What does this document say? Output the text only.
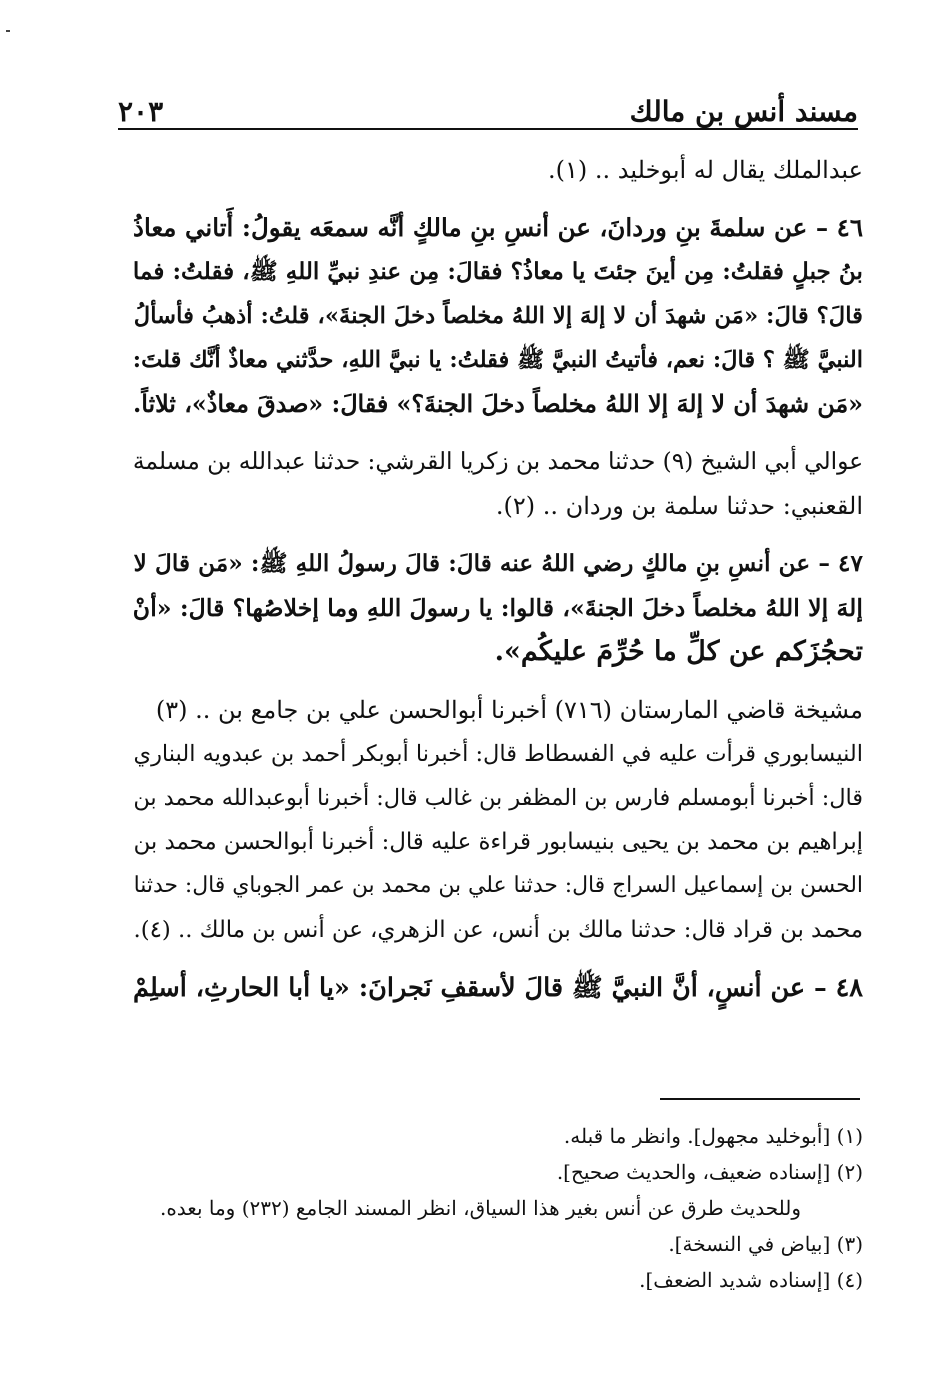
٢٠٣	مسند أنس بن مالك
عبدالملك يقال له أبوخليد .. (١).
٤٦ – عن سلمةَ بنِ وردانَ، عن أنسِ بنِ مالكٍ أنَّه سمعَه يقولُ: أَتاني معاذُ
بنُ جبلٍ فقلتُ: مِن أينَ جئتَ يا معاذُ؟ فقالَ: مِن عندِ نبيِّ اللهِ ﷺ، فقلتُ: فما
قالَ؟ قالَ: «مَن شهدَ أن لا إلهَ إلا اللهُ مخلصاً دخلَ الجنةَ»، قلتُ: أذهبُ فأسألُ
النبيَّ ﷺ ؟ قالَ: نعم، فأتيتُ النبيَّ ﷺ فقلتُ: يا نبيَّ اللهِ، حدَّثني معاذٌ أنَّك قلتَ:
«مَن شهدَ أن لا إلهَ إلا اللهُ مخلصاً دخلَ الجنةَ؟» فقالَ: «صدقَ معاذٌ»، ثلاثاً.
عوالي أبي الشيخ (٩) حدثنا محمد بن زكريا القرشي: حدثنا عبدالله بن مسلمة
القعنبي: حدثنا سلمة بن وردان .. (٢).
٤٧ – عن أنسِ بنِ مالكٍ رضي اللهُ عنه قالَ: قالَ رسولُ اللهِ ﷺ: «مَن قالَ لا
إلهَ إلا اللهُ مخلصاً دخلَ الجنةَ»، قالوا: يا رسولَ اللهِ وما إخلاصُها؟ قالَ: «أنْ
تحجُزَكم عن كلِّ ما حُرِّمَ عليكُم».
مشيخة قاضي المارستان (٧١٦) أخبرنا أبوالحسن علي بن جامع بن .. (٣)
النيسابوري قرأت عليه في الفسطاط قال: أخبرنا أبوبكر أحمد بن عبدويه البناري
قال: أخبرنا أبومسلم فارس بن المظفر بن غالب قال: أخبرنا أبوعبدالله محمد بن
إبراهيم بن محمد بن يحيى بنيسابور قراءة عليه قال: أخبرنا أبوالحسن محمد بن
الحسن بن إسماعيل السراج قال: حدثنا علي بن محمد بن عمر الجوباي قال: حدثنا
محمد بن قراد قال: حدثنا مالك بن أنس، عن الزهري، عن أنس بن مالك .. (٤).
٤٨ – عن أنسٍ، أنَّ النبيَّ ﷺ قالَ لأسقفِ نَجرانَ: «يا أبا الحارثِ، أسلِمْ
(١) [أبوخليد مجهول]. وانظر ما قبله.
(٢) [إسناده ضعيف، والحديث صحيح].
وللحديث طرق عن أنس بغير هذا السياق، انظر المسند الجامع (٢٣٢) وما بعده.
(٣) [بياض في النسخة].
(٤) [إسناده شديد الضعف].
